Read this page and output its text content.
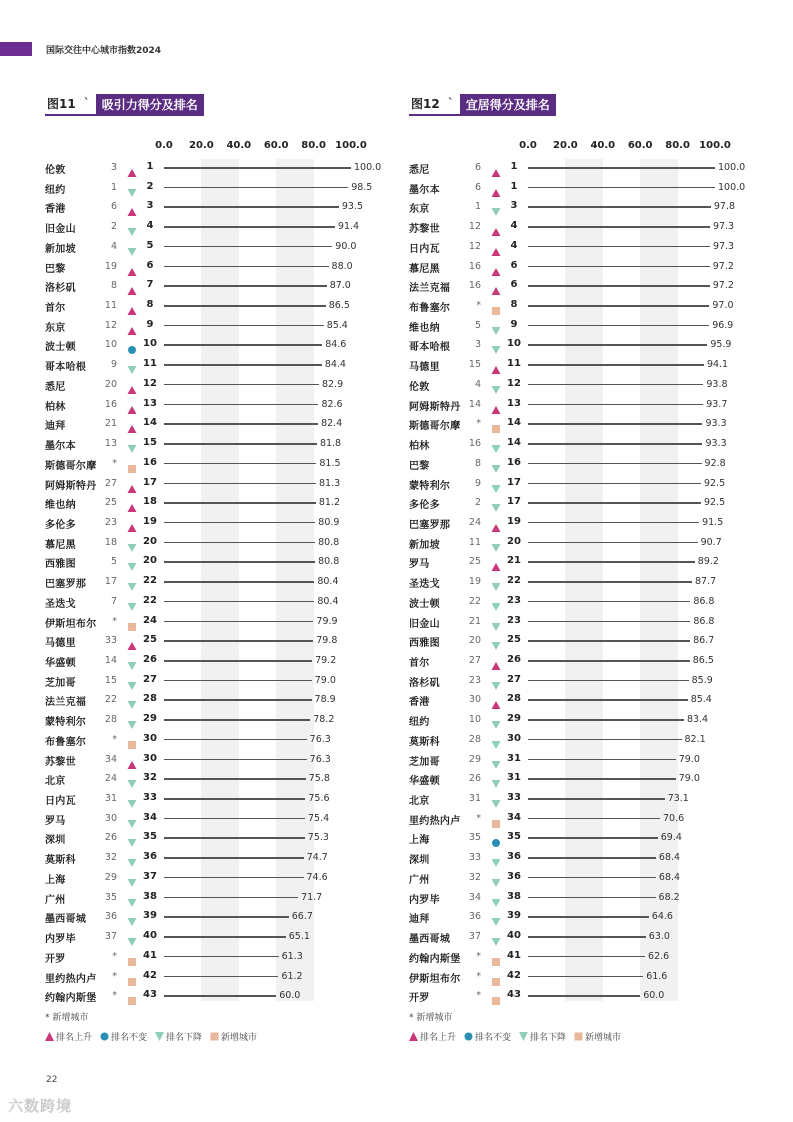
国际交往中心城市指数2024
图11 `	吸引力得分及排名
0.0 20.0 40.0 60.0 80.0 100.0
伦敦	3	1	100.0
纽约	1	2	98.5
香港	6	3	93.5
旧金山	2	4	91.4
新加坡	4	5	90.0
巴黎	19	6	88.0
洛杉矶	8	7	87.0
首尔	11	8	86.5
东京	12	9	85.4
波士顿	10	10	84.6
哥本哈根	9	11	84.4
悉尼	20	12	82.9
柏林	16	13	82.6
迪拜	21	14	82.4
墨尔本	13	15	81.8
斯德哥尔摩	*	16	81.5
阿姆斯特丹 27	17	81.3
维也纳	25	18	81.2
多伦多	23	19	80.9
慕尼黑	18	20	80.8
西雅图	5	20	80.8
巴塞罗那 17	22	80.4
圣迭戈	7	22	80.4
伊斯坦布尔	*	24	79.9
马德里	33	25	79.8
华盛顿	14	26	79.2
芝加哥	15	27	79.0
法兰克福 22	28	78.9
蒙特利尔 28	29	78.2
布鲁塞尔	*	30	76.3
苏黎世	34	30	76.3
北京	24	32	75.8
日内瓦	31	33	75.6
罗马	30	34	75.4
深圳	26	35	75.3
莫斯科	32	36	74.7
上海	29	37	74.6
广州	35	38	71.7
墨西哥城 36	39	66.7
内罗毕	37	40	65.1
开罗	*	41	61.3
里约热内卢	*	42	61.2
约翰内斯堡	*	43	60.0
* 新增城市
排名上升 排名不变 排名下降 新增城市
图12 `	宜居得分及排名
0.0 20.0 40.0 60.0 80.0 100.0
悉尼	6	1	100.0
墨尔本	6	1	100.0
东京	1	3	97.8
苏黎世	12	4	97.3
日内瓦	12	4	97.3
慕尼黑	16	6	97.2
法兰克福 16	6	97.2
布鲁塞尔	*	8	97.0
维也纳	5	9	96.9
哥本哈根	3	10	95.9
马德里	15	11	94.1
伦敦	4	12	93.8
阿姆斯特丹 14	13	93.7
斯德哥尔摩	*	14	93.3
柏林	16	14	93.3
巴黎	8	16	92.8
蒙特利尔	9	17	92.5
多伦多	2	17	92.5
巴塞罗那 24	19	91.5
新加坡	11	20	90.7
罗马	25	21	89.2
圣迭戈	19	22	87.7
波士顿	22	23	86.8
旧金山	21	23	86.8
西雅图	20	25	86.7
首尔	27	26	86.5
洛杉矶	23	27	85.9
香港	30	28	85.4
纽约	10	29	83.4
莫斯科	28	30	82.1
芝加哥	29	31	79.0
华盛顿	26	31	79.0
北京	31	33	73.1
里约热内卢	*	34	70.6
上海	35	35	69.4
深圳	33	36	68.4
广州	32	36	68.4
内罗毕	34	38	68.2
迪拜	36	39	64.6
墨西哥城 37	40	63.0
约翰内斯堡	*	41	62.6
伊斯坦布尔	*	42	61.6
开罗	*	43	60.0
* 新增城市
排名上升 排名不变 排名下降 新增城市
22
六数跨境
